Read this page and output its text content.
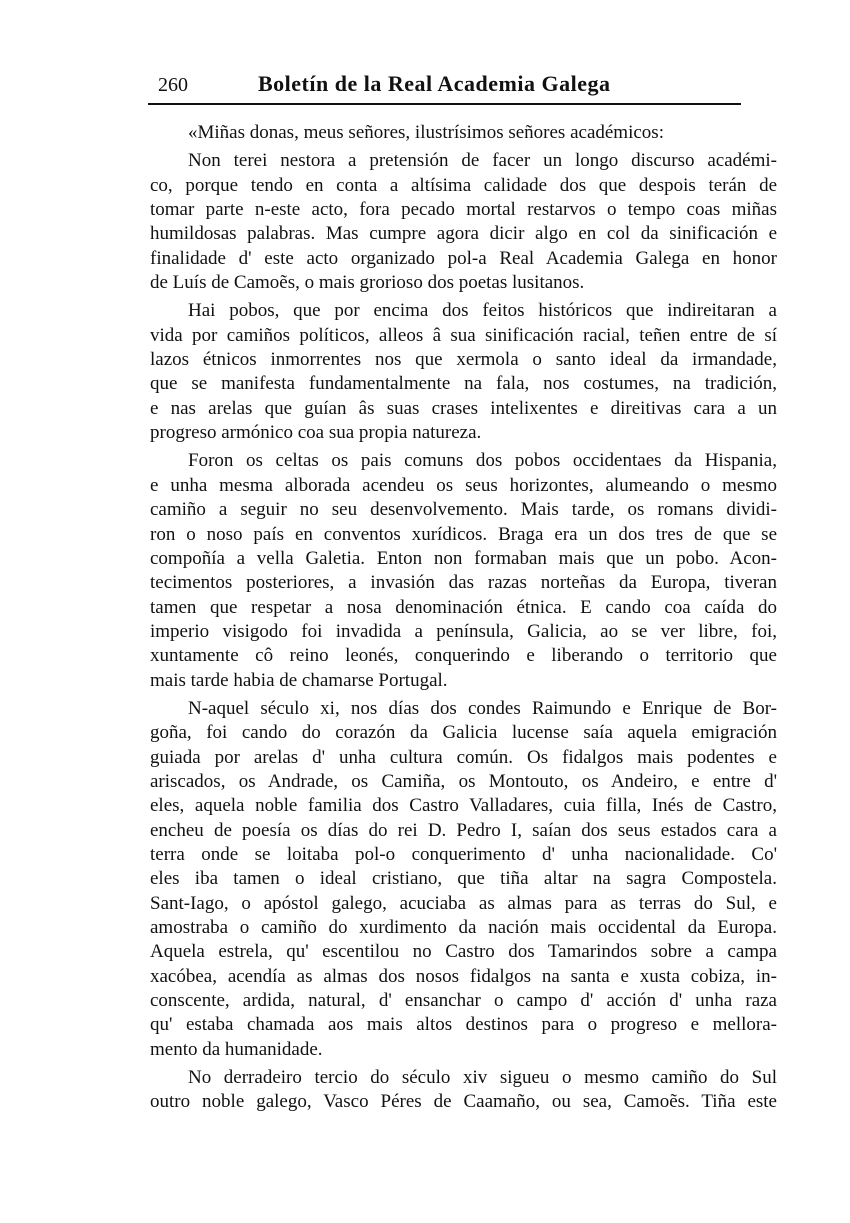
260	Boletín de la Real Academia Galega
«Miñas donas, meus señores, ilustrísimos señores académicos:
Non terei nestora a pretensión de facer un longo discurso académi-
co, porque tendo en conta a altísima calidade dos que despois terán de
tomar parte n-este acto, fora pecado mortal restarvos o tempo coas miñas
humildosas palabras. Mas cumpre agora dicir algo en col da sinificación e
finalidade d' este acto organizado pol-a Real Academia Galega en honor
de Luís de Camoẽs, o mais grorioso dos poetas lusitanos.
Hai pobos, que por encima dos feitos históricos que indireitaran a
vida por camiños políticos, alleos â sua sinificación racial, teñen entre de sí
lazos étnicos inmorrentes nos que xermola o santo ideal da irmandade,
que se manifesta fundamentalmente na fala, nos costumes, na tradición,
e nas arelas que guían âs suas crases intelixentes e direitivas cara a un
progreso armónico coa sua propia natureza.
Foron os celtas os pais comuns dos pobos occidentaes da Hispania,
e unha mesma alborada acendeu os seus horizontes, alumeando o mesmo
camiño a seguir no seu desenvolvemento. Mais tarde, os romans dividi-
ron o noso país en conventos xurídicos. Braga era un dos tres de que se
compoñía a vella Galetia. Enton non formaban mais que un pobo. Acon-
tecimentos posteriores, a invasión das razas norteñas da Europa, tiveran
tamen que respetar a nosa denominación étnica. E cando coa caída do
imperio visigodo foi invadida a península, Galicia, ao se ver libre, foi,
xuntamente cô reino leonés, conquerindo e liberando o territorio que
mais tarde habia de chamarse Portugal.
N-aquel século xi, nos días dos condes Raimundo e Enrique de Bor-
goña, foi cando do corazón da Galicia lucense saía aquela emigración
guiada por arelas d' unha cultura común. Os fidalgos mais podentes e
ariscados, os Andrade, os Camiña, os Montouto, os Andeiro, e entre d'
eles, aquela noble familia dos Castro Valladares, cuia filla, Inés de Castro,
encheu de poesía os días do rei D. Pedro I, saían dos seus estados cara a
terra onde se loitaba pol-o conquerimento d' unha nacionalidade. Co'
eles iba tamen o ideal cristiano, que tiña altar na sagra Compostela.
Sant-Iago, o apóstol galego, acuciaba as almas para as terras do Sul, e
amostraba o camiño do xurdimento da nación mais occidental da Europa.
Aquela estrela, qu' escentilou no Castro dos Tamarindos sobre a campa
xacóbea, acendía as almas dos nosos fidalgos na santa e xusta cobiza, in-
conscente, ardida, natural, d' ensanchar o campo d' acción d' unha raza
qu' estaba chamada aos mais altos destinos para o progreso e mellora-
mento da humanidade.
No derradeiro tercio do século xiv sigueu o mesmo camiño do Sul
outro noble galego, Vasco Péres de Caamaño, ou sea, Camoẽs. Tiña este
